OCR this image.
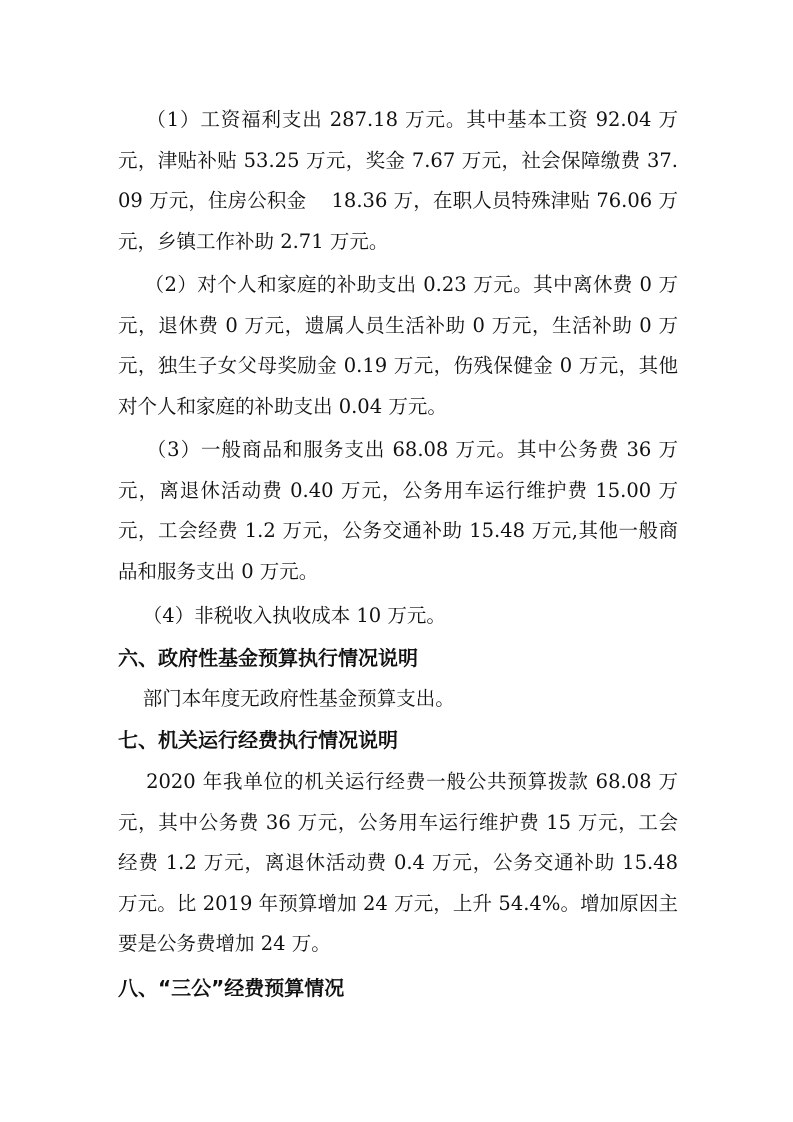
（1）工资福利支出 287.18 万元。其中基本工资 92.04 万元，津贴补贴 53.25 万元，奖金 7.67 万元，社会保障缴费 37.09 万元，住房公积金    18.36 万，在职人员特殊津贴 76.06 万元，乡镇工作补助 2.71 万元。

（2）对个人和家庭的补助支出 0.23 万元。其中离休费 0 万元，退休费 0 万元，遗属人员生活补助 0 万元，生活补助 0 万元，独生子女父母奖励金 0.19 万元，伤残保健金 0 万元，其他对个人和家庭的补助支出 0.04 万元。

（3）一般商品和服务支出 68.08 万元。其中公务费 36 万元，离退休活动费 0.40 万元，公务用车运行维护费 15.00 万元，工会经费 1.2 万元，公务交通补助 15.48 万元,其他一般商品和服务支出 0 万元。

（4）非税收入执收成本 10 万元。

六、政府性基金预算执行情况说明

部门本年度无政府性基金预算支出。

七、机关运行经费执行情况说明

2020 年我单位的机关运行经费一般公共预算拨款 68.08 万元，其中公务费 36 万元，公务用车运行维护费 15 万元，工会经费 1.2 万元，离退休活动费 0.4 万元，公务交通补助 15.48 万元。比 2019 年预算增加 24 万元，上升 54.4%。增加原因主要是公务费增加 24 万。

八、“三公”经费预算情况
